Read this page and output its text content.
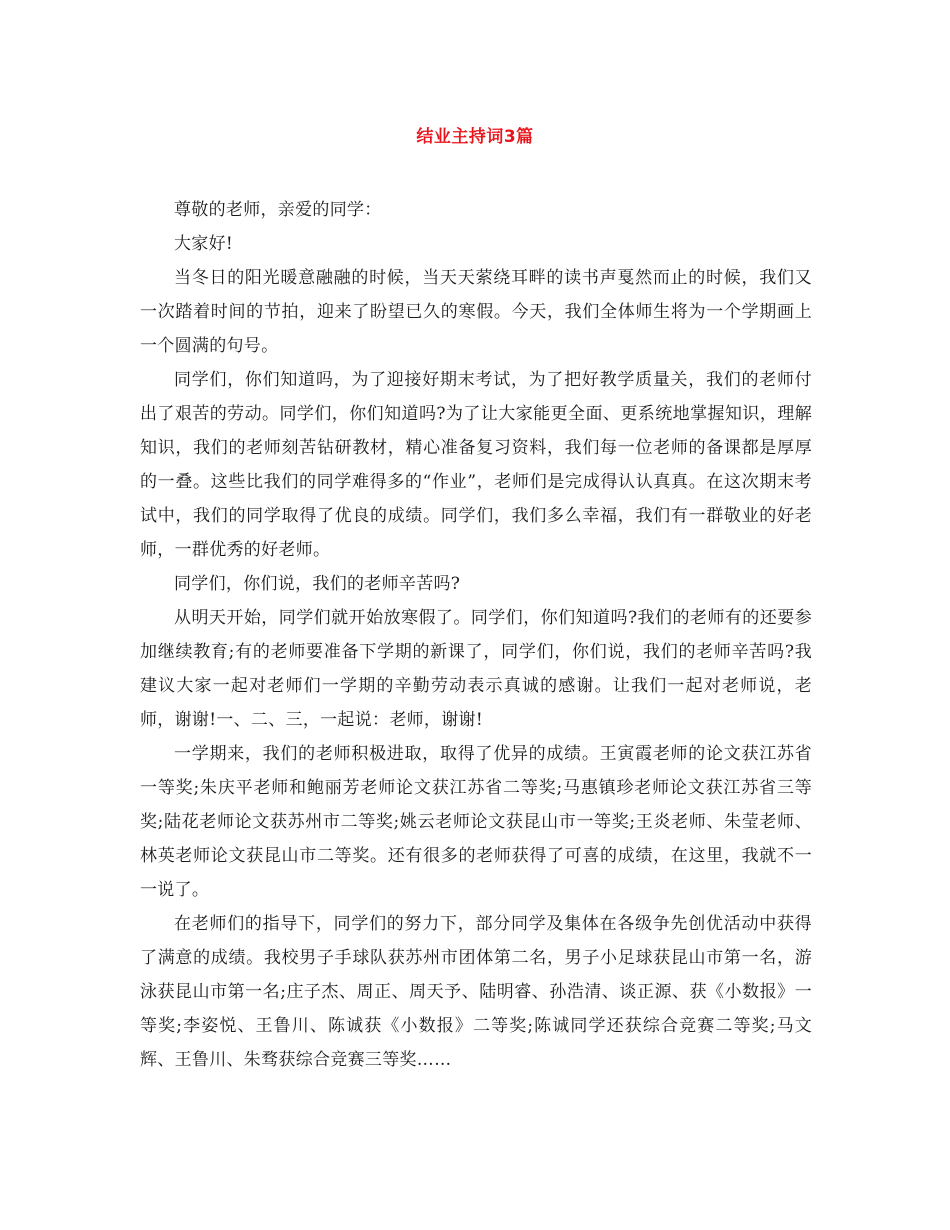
结业主持词3篇

尊敬的老师，亲爱的同学：

大家好!

当冬日的阳光暖意融融的时候，当天天萦绕耳畔的读书声戛然而止的时候，我们又一次踏着时间的节拍，迎来了盼望已久的寒假。今天，我们全体师生将为一个学期画上一个圆满的句号。

同学们，你们知道吗，为了迎接好期末考试，为了把好教学质量关，我们的老师付出了艰苦的劳动。同学们，你们知道吗?为了让大家能更全面、更系统地掌握知识，理解知识，我们的老师刻苦钻研教材，精心准备复习资料，我们每一位老师的备课都是厚厚的一叠。这些比我们的同学难得多的“作业”，老师们是完成得认认真真。在这次期末考试中，我们的同学取得了优良的成绩。同学们，我们多么幸福，我们有一群敬业的好老师，一群优秀的好老师。

同学们，你们说，我们的老师辛苦吗?

从明天开始，同学们就开始放寒假了。同学们，你们知道吗?我们的老师有的还要参加继续教育;有的老师要准备下学期的新课了，同学们，你们说，我们的老师辛苦吗?我建议大家一起对老师们一学期的辛勤劳动表示真诚的感谢。让我们一起对老师说，老师，谢谢!一、二、三，一起说：老师，谢谢!

一学期来，我们的老师积极进取，取得了优异的成绩。王寅霞老师的论文获江苏省一等奖;朱庆平老师和鲍丽芳老师论文获江苏省二等奖;马惠镇珍老师论文获江苏省三等奖;陆花老师论文获苏州市二等奖;姚云老师论文获昆山市一等奖;王炎老师、朱莹老师、林英老师论文获昆山市二等奖。还有很多的老师获得了可喜的成绩，在这里，我就不一一说了。

在老师们的指导下，同学们的努力下，部分同学及集体在各级争先创优活动中获得了满意的成绩。我校男子手球队获苏州市团体第二名，男子小足球获昆山市第一名，游泳获昆山市第一名;庄子杰、周正、周天予、陆明睿、孙浩清、谈正源、获《小数报》一等奖;李姿悦、王鲁川、陈诚获《小数报》二等奖;陈诚同学还获综合竞赛二等奖;马文辉、王鲁川、朱骛获综合竞赛三等奖……
